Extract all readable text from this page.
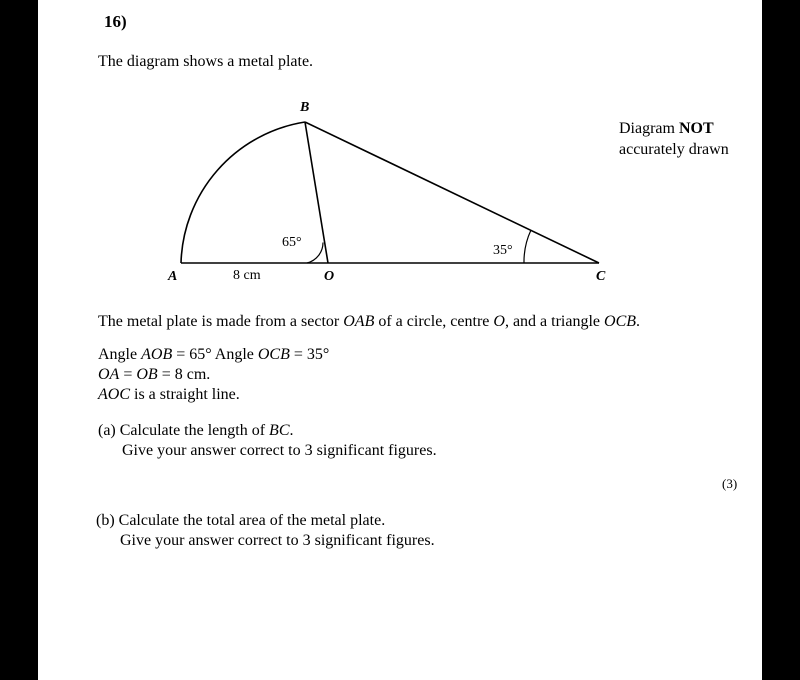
16)
The diagram shows a metal plate.
Diagram NOT
accurately drawn
B
A	O	C
8 cm
65°
35°
The metal plate is made from a sector OAB of a circle, centre O, and a triangle OCB.
Angle AOB = 65° Angle OCB = 35°
OA = OB = 8 cm.
AOC is a straight line.
(a) Calculate the length of BC.
Give your answer correct to 3 significant figures.
(3)
(b) Calculate the total area of the metal plate.
Give your answer correct to 3 significant figures.
